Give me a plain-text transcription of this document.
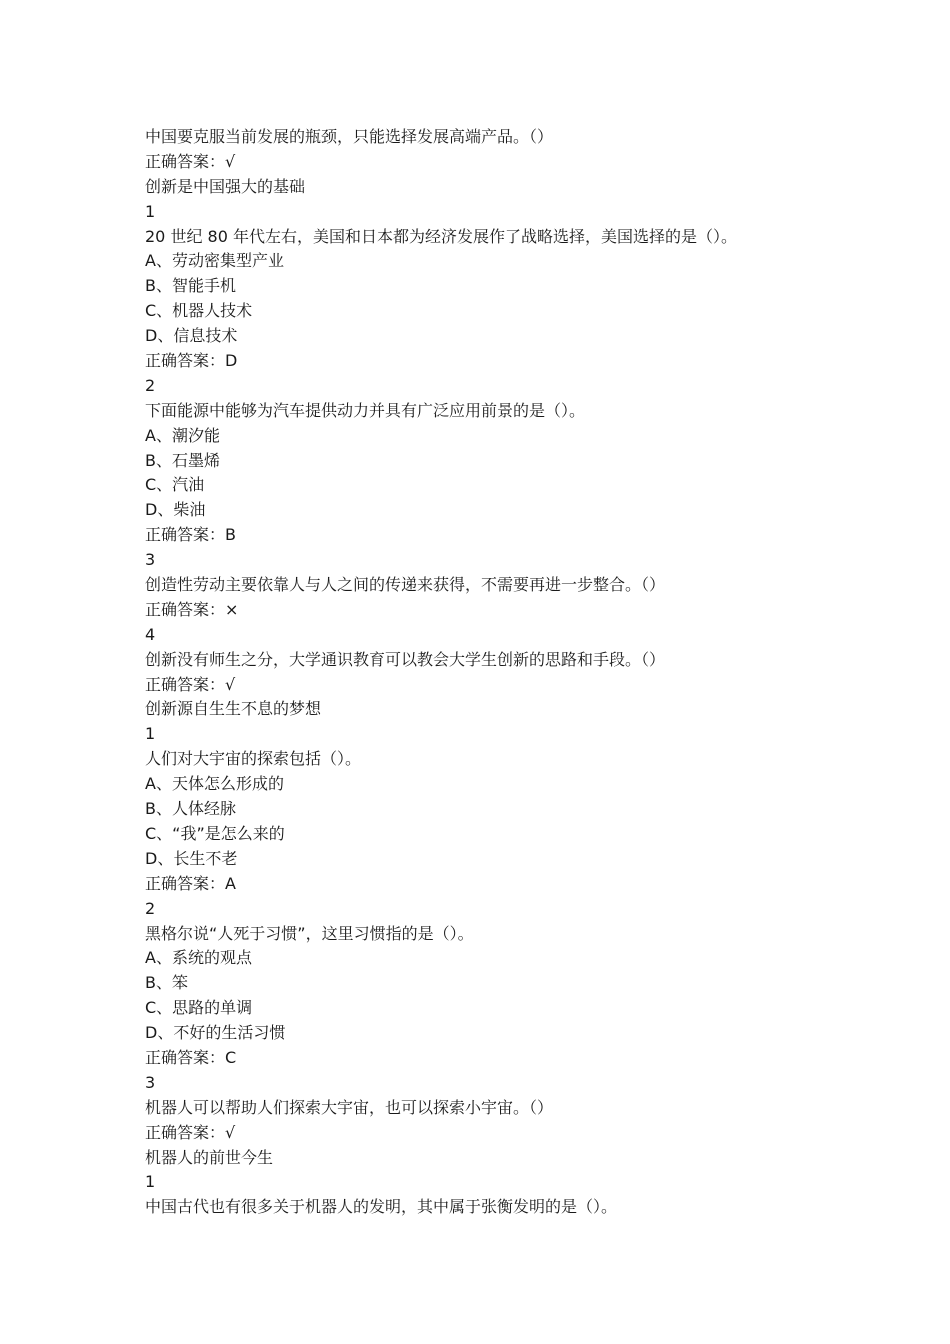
中国要克服当前发展的瓶颈，只能选择发展高端产品。（）
正确答案：√
创新是中国强大的基础
1
20 世纪 80 年代左右，美国和日本都为经济发展作了战略选择，美国选择的是（）。
A、劳动密集型产业
B、智能手机
C、机器人技术
D、信息技术
正确答案：D
2
下面能源中能够为汽车提供动力并具有广泛应用前景的是（）。
A、潮汐能
B、石墨烯
C、汽油
D、柴油
正确答案：B
3
创造性劳动主要依靠人与人之间的传递来获得，不需要再进一步整合。（）
正确答案：×
4
创新没有师生之分，大学通识教育可以教会大学生创新的思路和手段。（）
正确答案：√
创新源自生生不息的梦想
1
人们对大宇宙的探索包括（）。
A、天体怎么形成的
B、人体经脉
C、“我”是怎么来的
D、长生不老
正确答案：A
2
黑格尔说“人死于习惯”，这里习惯指的是（）。
A、系统的观点
B、笨
C、思路的单调
D、不好的生活习惯
正确答案：C
3
机器人可以帮助人们探索大宇宙，也可以探索小宇宙。（）
正确答案：√
机器人的前世今生
1
中国古代也有很多关于机器人的发明，其中属于张衡发明的是（）。
